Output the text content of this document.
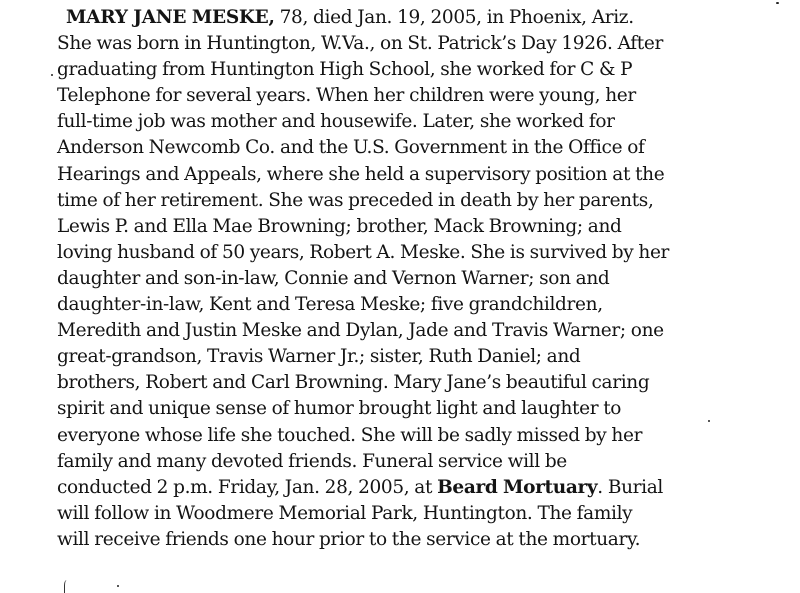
MARY JANE MESKE, 78, died Jan. 19, 2005, in Phoenix, Ariz.
She was born in Huntington, W.Va., on St. Patrick’s Day 1926. After
graduating from Huntington High School, she worked for C & P
Telephone for several years. When her children were young, her
full-time job was mother and housewife. Later, she worked for
Anderson Newcomb Co. and the U.S. Government in the Office of
Hearings and Appeals, where she held a supervisory position at the
time of her retirement. She was preceded in death by her parents,
Lewis P. and Ella Mae Browning; brother, Mack Browning; and
loving husband of 50 years, Robert A. Meske. She is survived by her
daughter and son-in-law, Connie and Vernon Warner; son and
daughter-in-law, Kent and Teresa Meske; five grandchildren,
Meredith and Justin Meske and Dylan, Jade and Travis Warner; one
great-grandson, Travis Warner Jr.; sister, Ruth Daniel; and
brothers, Robert and Carl Browning. Mary Jane’s beautiful caring
spirit and unique sense of humor brought light and laughter to
everyone whose life she touched. She will be sadly missed by her
family and many devoted friends. Funeral service will be
conducted 2 p.m. Friday, Jan. 28, 2005, at Beard Mortuary. Burial
will follow in Woodmere Memorial Park, Huntington. The family
will receive friends one hour prior to the service at the mortuary.
